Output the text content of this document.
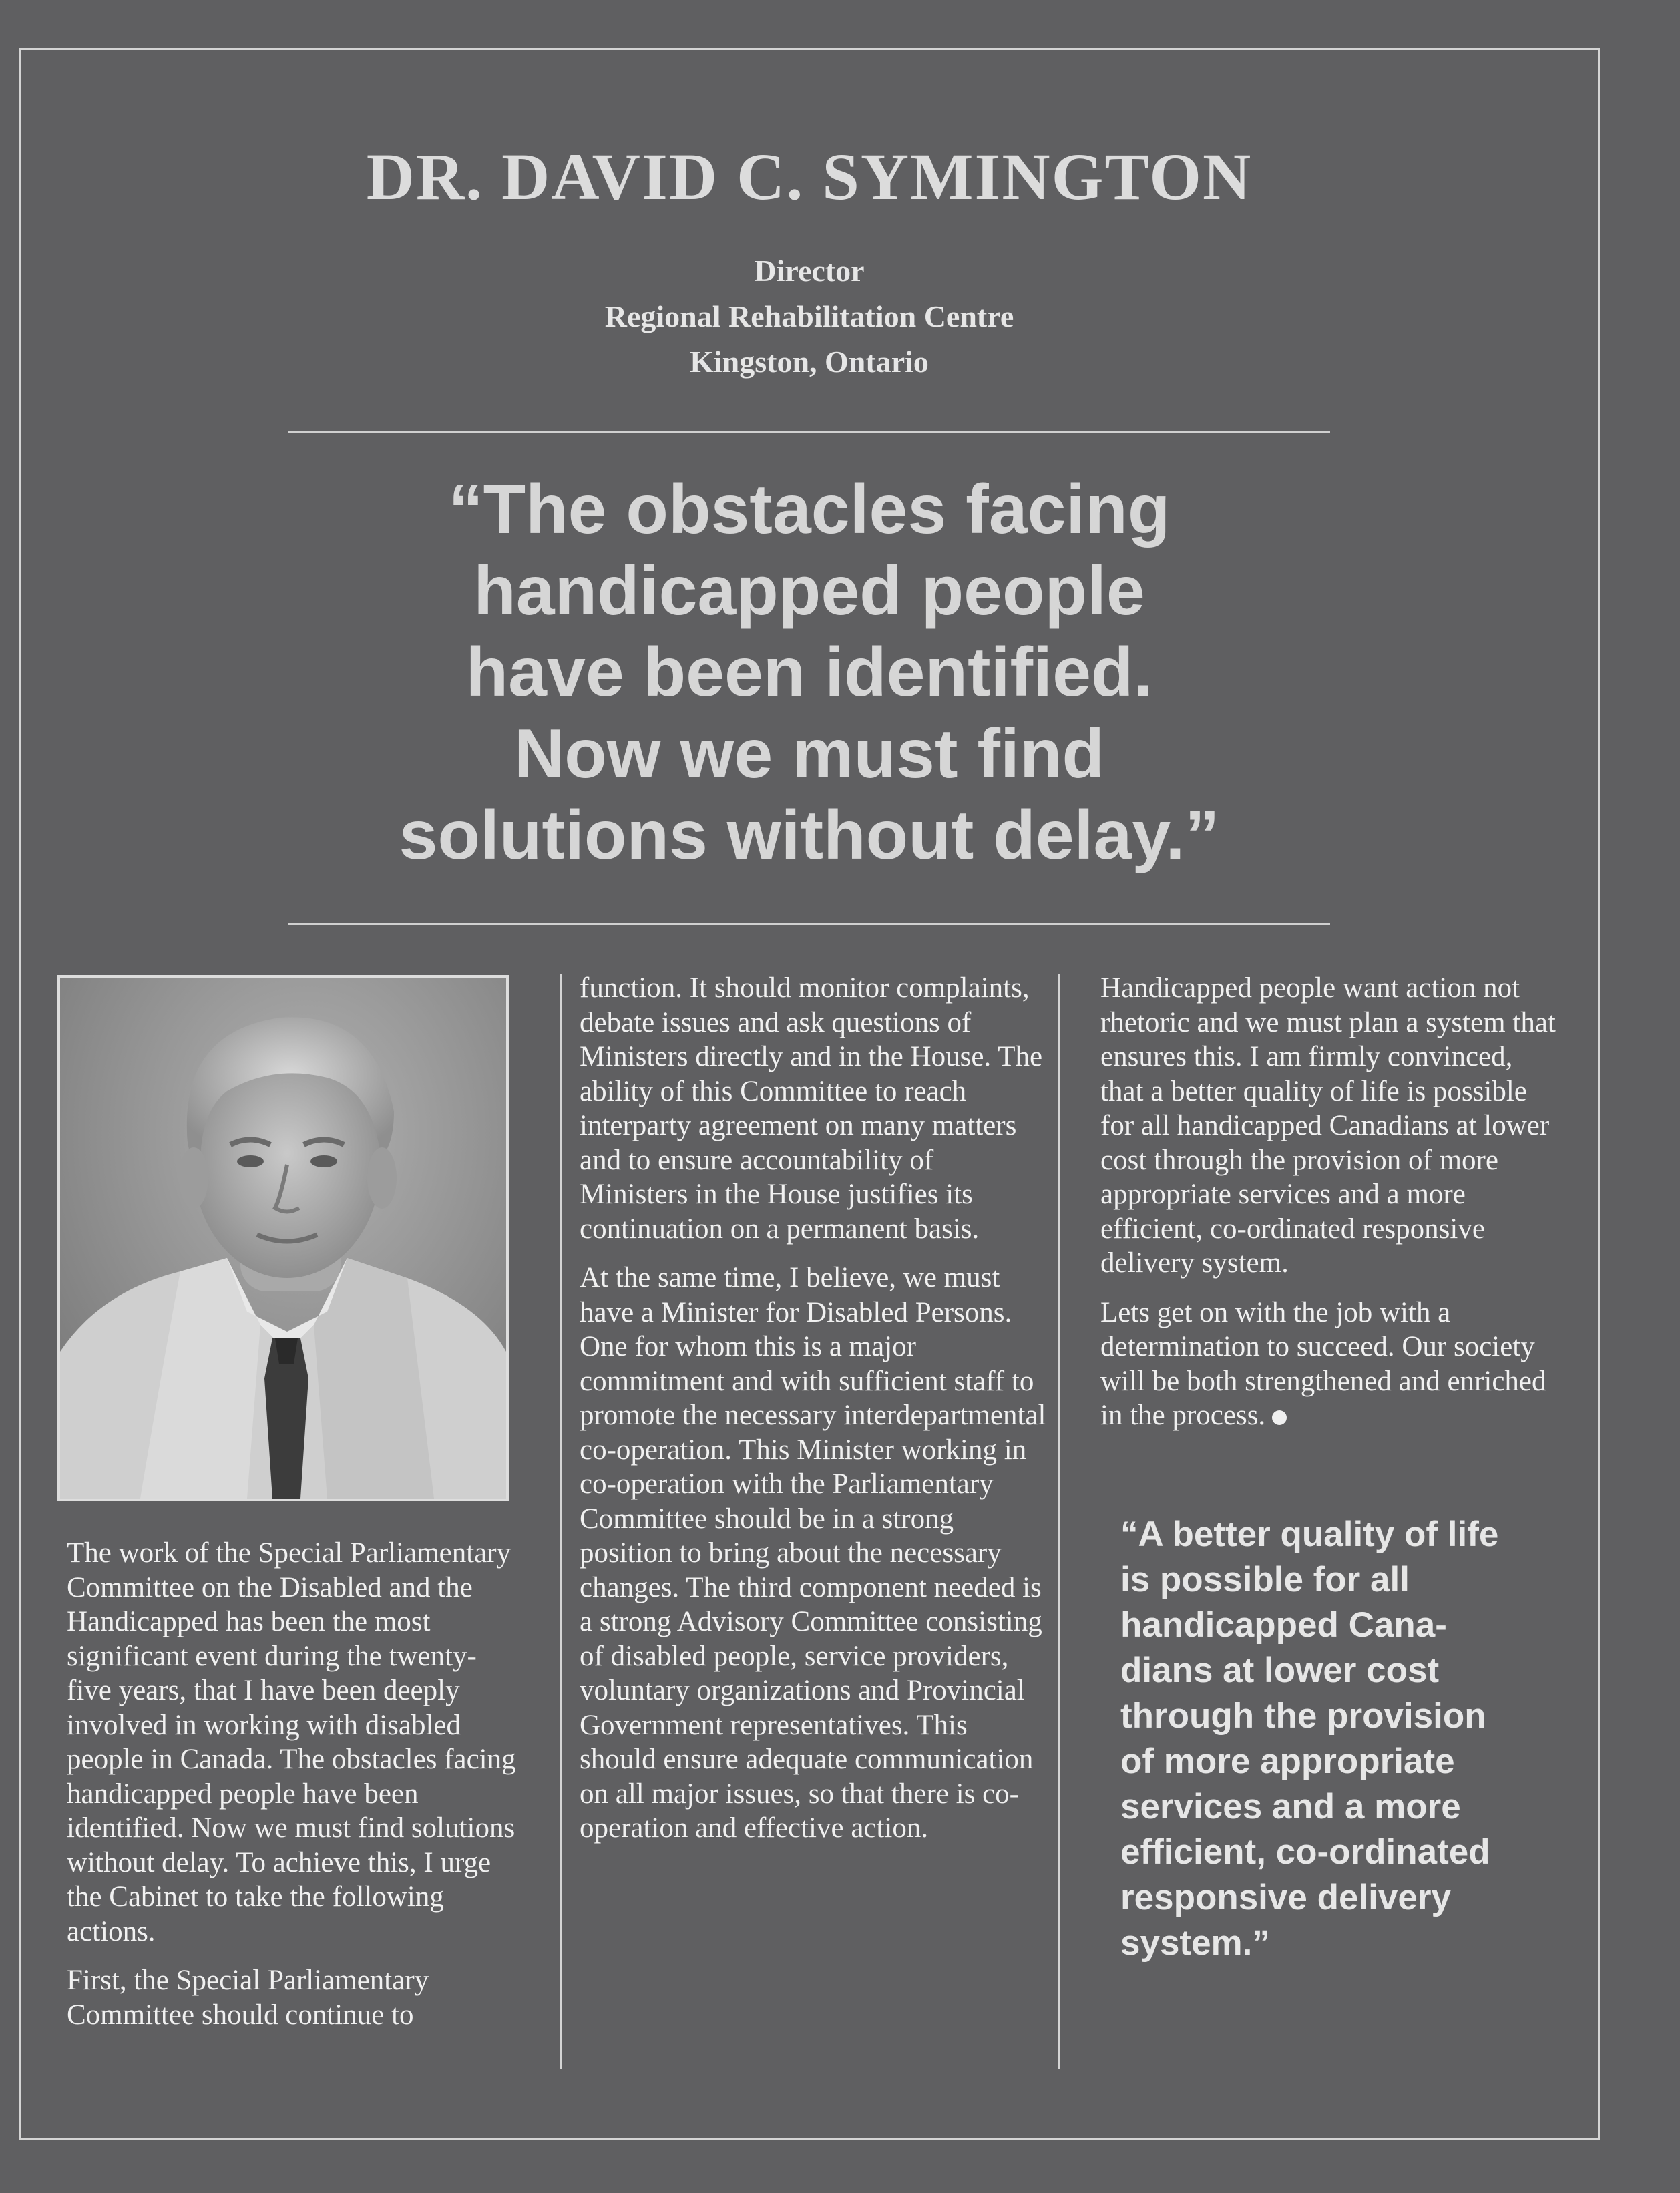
DR. DAVID C. SYMINGTON
Director
Regional Rehabilitation Centre
Kingston, Ontario
“The obstacles facing
handicapped people
have been identified.
Now we must find
solutions without delay.”

The work of the Special Parliamentary Committee on the Disabled and the Handicapped has been the most significant event during the twenty-five years, that I have been deeply involved in working with disabled people in Canada. The obstacles facing handicapped people have been identified. Now we must find solutions without delay. To achieve this, I urge the Cabinet to take the following actions.

First, the Special Parliamentary Committee should continue to

function. It should monitor complaints, debate issues and ask questions of Ministers directly and in the House. The ability of this Committee to reach interparty agreement on many matters and to ensure accountability of Ministers in the House justifies its continuation on a permanent basis.

At the same time, I believe, we must have a Minister for Disabled Persons. One for whom this is a major commitment and with sufficient staff to promote the necessary interdepartmental co-operation. This Minister working in co-operation with the Parliamentary Committee should be in a strong position to bring about the necessary changes. The third component needed is a strong Advisory Committee consisting of disabled people, service providers, voluntary organizations and Provincial Government representatives. This should ensure adequate communication on all major issues, so that there is co-operation and effective action.

Handicapped people want action not rhetoric and we must plan a system that ensures this. I am firmly convinced, that a better quality of life is possible for all handicapped Canadians at lower cost through the provision of more appropriate services and a more efficient, co-ordinated responsive delivery system.

Lets get on with the job with a determination to succeed. Our society will be both strengthened and enriched in the process.

“A better quality of life
is possible for all
handicapped Cana-
dians at lower cost
through the provision
of more appropriate
services and a more
efficient, co-ordinated
responsive delivery
system.”
